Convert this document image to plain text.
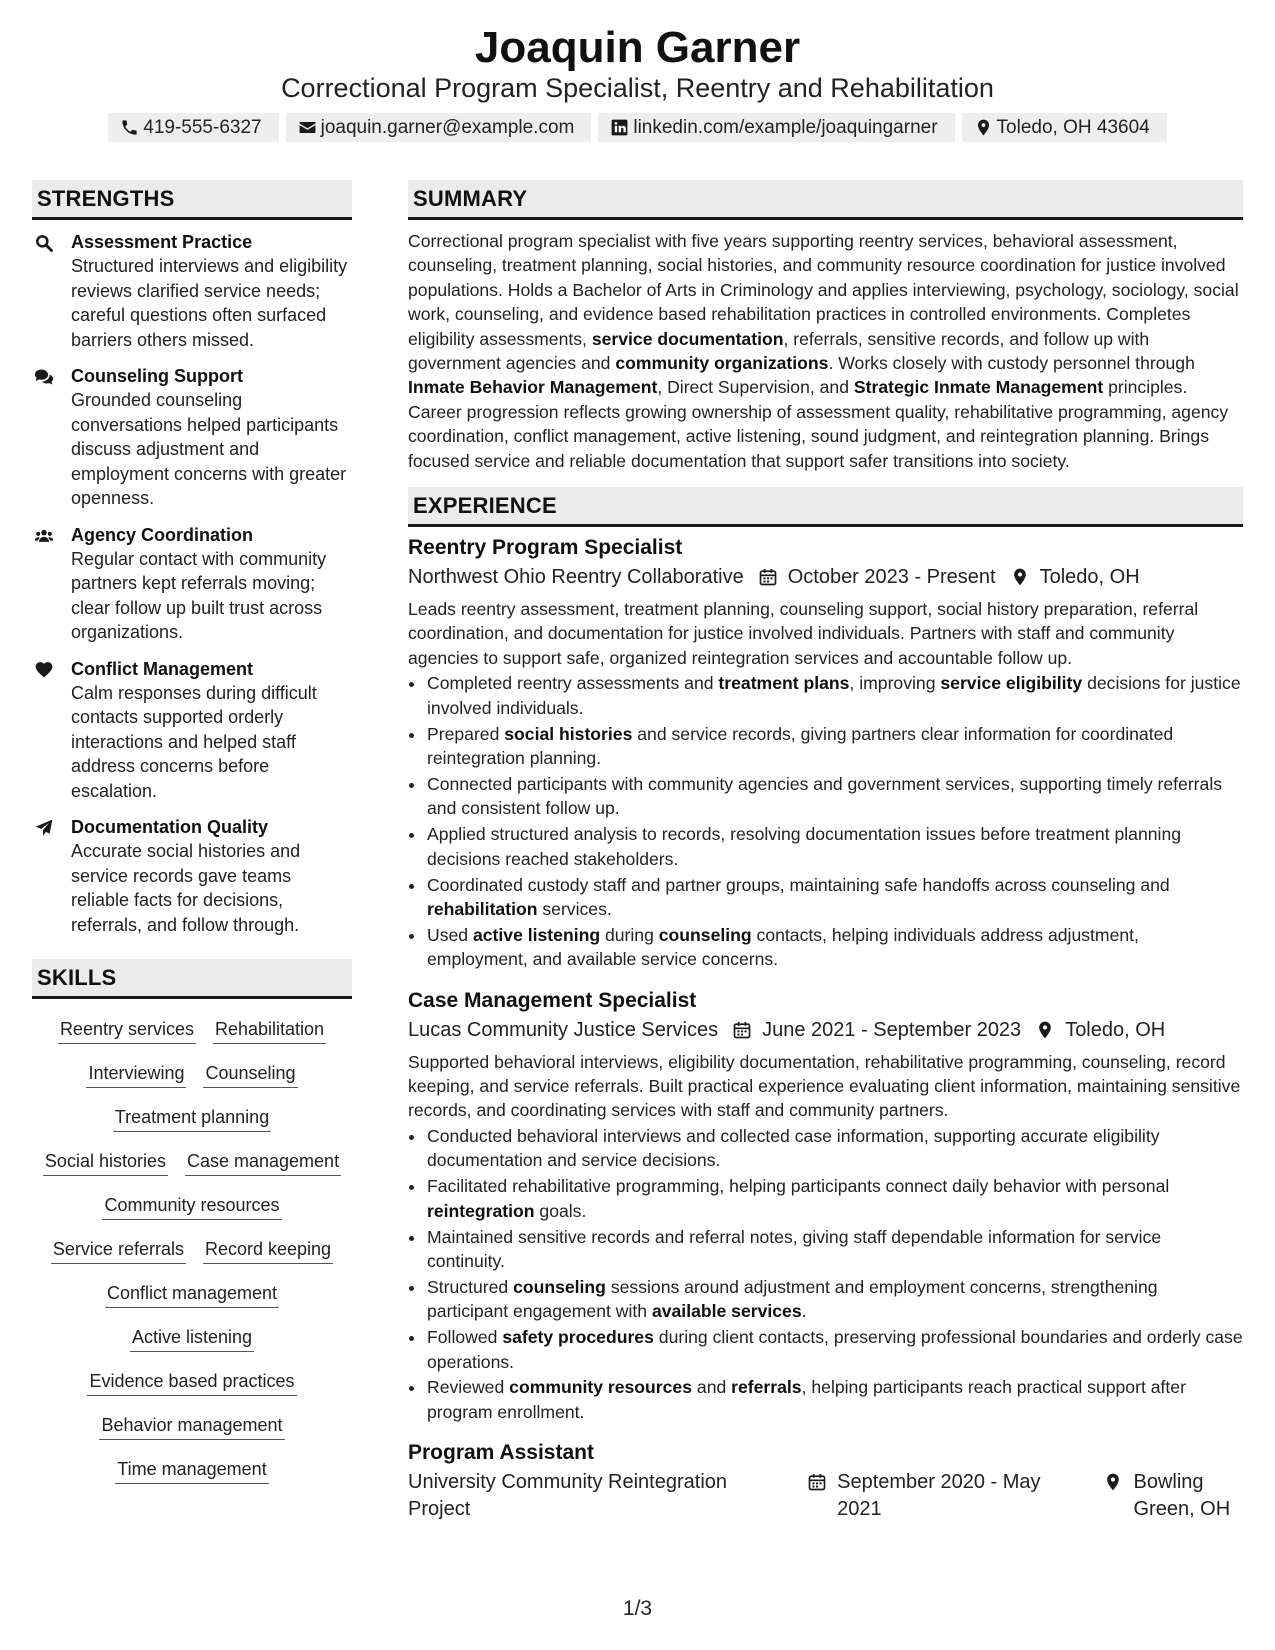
Joaquin Garner
Correctional Program Specialist, Reentry and Rehabilitation
419-555-6327	joaquin.garner@example.com	linkedin.com/example/joaquingarner	Toledo, OH 43604
STRENGTHS
Assessment Practice
Structured interviews and eligibility reviews clarified service needs; careful questions often surfaced barriers others missed.
Counseling Support
Grounded counseling conversations helped participants discuss adjustment and employment concerns with greater openness.
Agency Coordination
Regular contact with community partners kept referrals moving; clear follow up built trust across organizations.
Conflict Management
Calm responses during difficult contacts supported orderly interactions and helped staff address concerns before escalation.
Documentation Quality
Accurate social histories and service records gave teams reliable facts for decisions, referrals, and follow through.
SKILLS
Reentry services Rehabilitation
Interviewing Counseling
Treatment planning
Social histories Case management
Community resources
Service referrals Record keeping
Conflict management
Active listening
Evidence based practices
Behavior management
Time management
SUMMARY

Correctional program specialist with five years supporting reentry services, behavioral assessment, counseling, treatment planning, social histories, and community resource coordination for justice involved populations. Holds a Bachelor of Arts in Criminology and applies interviewing, psychology, sociology, social work, counseling, and evidence based rehabilitation practices in controlled environments. Completes eligibility assessments, service documentation, referrals, sensitive records, and follow up with government agencies and community organizations. Works closely with custody personnel through Inmate Behavior Management, Direct Supervision, and Strategic Inmate Management principles. Career progression reflects growing ownership of assessment quality, rehabilitative programming, agency coordination, conflict management, active listening, sound judgment, and reintegration planning. Brings focused service and reliable documentation that support safer transitions into society.

EXPERIENCE
Reentry Program Specialist
Northwest Ohio Reentry Collaborative October 2023 - Present Toledo, OH
Leads reentry assessment, treatment planning, counseling support, social history preparation, referral coordination, and documentation for justice involved individuals. Partners with staff and community agencies to support safe, organized reintegration services and accountable follow up.
• Completed reentry assessments and treatment plans, improving service eligibility decisions for justice involved individuals.
• Prepared social histories and service records, giving partners clear information for coordinated reintegration planning.
• Connected participants with community agencies and government services, supporting timely referrals and consistent follow up.
• Applied structured analysis to records, resolving documentation issues before treatment planning decisions reached stakeholders.
• Coordinated custody staff and partner groups, maintaining safe handoffs across counseling and rehabilitation services.
• Used active listening during counseling contacts, helping individuals address adjustment, employment, and available service concerns.
Case Management Specialist
Lucas Community Justice Services June 2021 - September 2023 Toledo, OH
Supported behavioral interviews, eligibility documentation, rehabilitative programming, counseling, record keeping, and service referrals. Built practical experience evaluating client information, maintaining sensitive records, and coordinating services with staff and community partners.
• Conducted behavioral interviews and collected case information, supporting accurate eligibility documentation and service decisions.
• Facilitated rehabilitative programming, helping participants connect daily behavior with personal reintegration goals.
• Maintained sensitive records and referral notes, giving staff dependable information for service continuity.
• Structured counseling sessions around adjustment and employment concerns, strengthening participant engagement with available services.
• Followed safety procedures during client contacts, preserving professional boundaries and orderly case operations.
• Reviewed community resources and referrals, helping participants reach practical support after program enrollment.
Program Assistant
University Community Reintegration Project
September 2020 - May 2021
Bowling Green, OH
1/3
